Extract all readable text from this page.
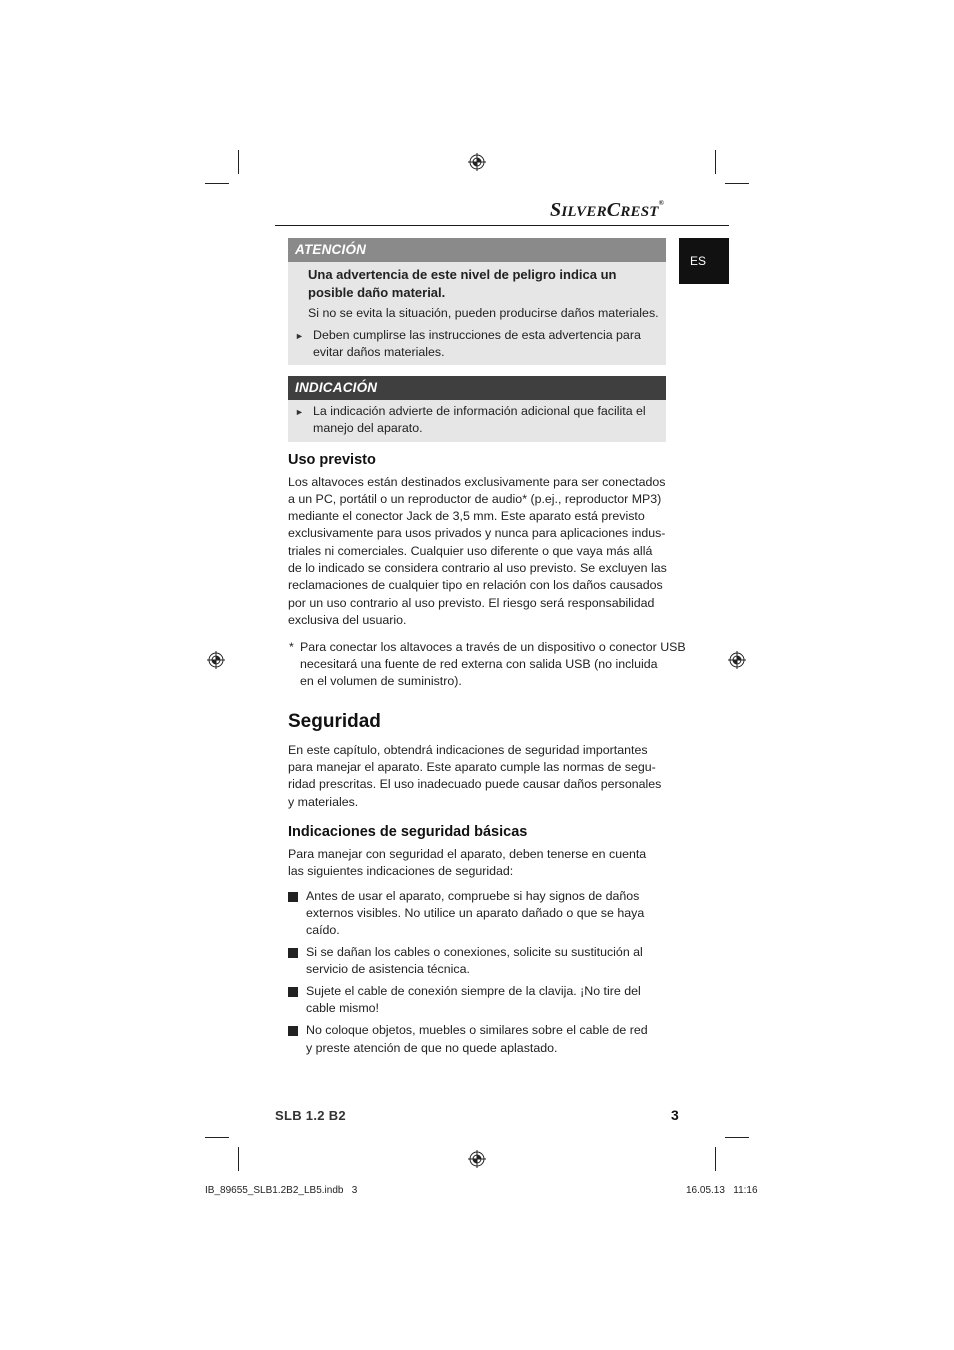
SILVERCREST®
ES
ATENCIÓN
Una advertencia de este nivel de peligro indica un
posible daño material.
Si no se evita la situación, pueden producirse daños materiales.
► Deben cumplirse las instrucciones de esta advertencia para
evitar daños materiales.
INDICACIÓN
► La indicación advierte de información adicional que facilita el
manejo del aparato.
Uso previsto
Los altavoces están destinados exclusivamente para ser conectados
a un PC, portátil o un reproductor de audio* (p.ej., reproductor MP3)
mediante el conector Jack de 3,5 mm. Este aparato está previsto
exclusivamente para usos privados y nunca para aplicaciones indus-
triales ni comerciales. Cualquier uso diferente o que vaya más allá
de lo indicado se considera contrario al uso previsto. Se excluyen las
reclamaciones de cualquier tipo en relación con los daños causados
por un uso contrario al uso previsto. El riesgo será responsabilidad
exclusiva del usuario.
* Para conectar los altavoces a través de un dispositivo o conector USB
necesitará una fuente de red externa con salida USB (no incluida
en el volumen de suministro).
Seguridad
En este capítulo, obtendrá indicaciones de seguridad importantes
para manejar el aparato. Este aparato cumple las normas de segu-
ridad prescritas. El uso inadecuado puede causar daños personales
y materiales.
Indicaciones de seguridad básicas
Para manejar con seguridad el aparato, deben tenerse en cuenta
las siguientes indicaciones de seguridad:
Antes de usar el aparato, compruebe si hay signos de daños
externos visibles. No utilice un aparato dañado o que se haya
caído.
Si se dañan los cables o conexiones, solicite su sustitución al
servicio de asistencia técnica.
Sujete el cable de conexión siempre de la clavija. ¡No tire del
cable mismo!
No coloque objetos, muebles o similares sobre el cable de red
y preste atención de que no quede aplastado.
SLB 1.2 B2	3
IB_89655_SLB1.2B2_LB5.indb   3	16.05.13   11:16
